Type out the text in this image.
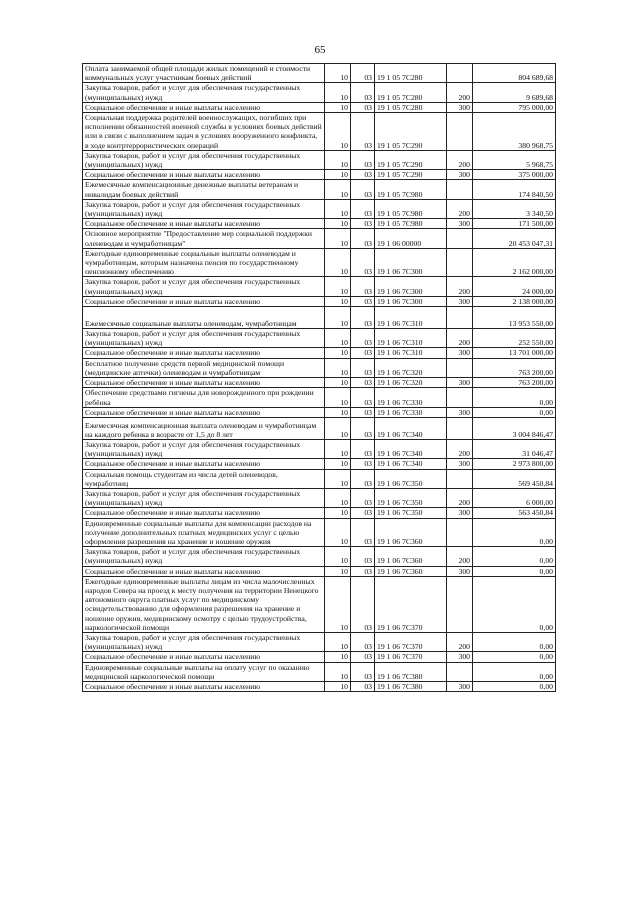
65
Оплата занимаемой общей площади жилых помещений и стоимости коммунальных услуг участникам боевых действий	10	03	19 1 05 7С280		804 689,68
Закупка товаров, работ и услуг для обеспечения государственных (муниципальных) нужд	10	03	19 1 05 7С280	200	9 689,68
Социальное обеспечение и иные выплаты населению	10	03	19 1 05 7С280	300	795 000,00
Социальная поддержка родителей военнослужащих, погибших при исполнении обязанностей военной службы в условиях боевых действий или в связи с выполнением задач в условиях вооруженного конфликта, в ходе контртеррористических операций	10	03	19 1 05 7С290		380 968,75
Закупка товаров, работ и услуг для обеспечения государственных (муниципальных) нужд	10	03	19 1 05 7С290	200	5 968,75
Социальное обеспечение и иные выплаты населению	10	03	19 1 05 7С290	300	375 000,00
Ежемесячные компенсационные денежные выплаты ветеранам и инвалидам боевых действий	10	03	19 1 05 7С980		174 840,50
Закупка товаров, работ и услуг для обеспечения государственных (муниципальных) нужд	10	03	19 1 05 7С980	200	3 340,50
Социальное обеспечение и иные выплаты населению	10	03	19 1 05 7С980	300	171 500,00
Основное мероприятие "Предоставление мер социальной поддержки оленеводам и чумработницам"	10	03	19 1 06 00000		20 453 047,31
Ежегодные единовременные социальные выплаты оленеводам и чумработницам, которым назначена пенсия по государственному пенсионному обеспечению	10	03	19 1 06 7С300		2 162 000,00
Закупка товаров, работ и услуг для обеспечения государственных (муниципальных) нужд	10	03	19 1 06 7С300	200	24 000,00
Социальное обеспечение и иные выплаты населению	10	03	19 1 06 7С300	300	2 138 000,00
Ежемесячные социальные выплаты оленеводам, чумработницам	10	03	19 1 06 7С310		13 953 550,00
Закупка товаров, работ и услуг для обеспечения государственных (муниципальных) нужд	10	03	19 1 06 7С310	200	252 550,00
Социальное обеспечение и иные выплаты населению	10	03	19 1 06 7С310	300	13 701 000,00
Бесплатное получение средств первой медицинской помощи (медицинские аптечки) оленеводам и чумработницам	10	03	19 1 06 7С320		763 200,00
Социальное обеспечение и иные выплаты населению	10	03	19 1 06 7С320	300	763 200,00
Обеспечение средствами гигиены для новорожденного при рождении ребёнка	10	03	19 1 06 7С330		0,00
Социальное обеспечение и иные выплаты населению	10	03	19 1 06 7С330	300	0,00
Ежемесячная компенсационная выплата оленеводам и чумработницам на каждого ребенка в возрасте от 1,5 до 8 лет	10	03	19 1 06 7С340		3 004 846,47
Закупка товаров, работ и услуг для обеспечения государственных (муниципальных) нужд	10	03	19 1 06 7С340	200	31 046,47
Социальное обеспечение и иные выплаты населению	10	03	19 1 06 7С340	300	2 973 800,00
Социальная помощь студентам из числа детей оленеводов, чумработниц	10	03	19 1 06 7С350		569 450,84
Закупка товаров, работ и услуг для обеспечения государственных (муниципальных) нужд	10	03	19 1 06 7С350	200	6 000,00
Социальное обеспечение и иные выплаты населению	10	03	19 1 06 7С350	300	563 450,84
Единовременные социальные выплаты для компенсации расходов на получение дополнительных платных медицинских услуг с целью оформления разрешения на хранение и ношение оружия	10	03	19 1 06 7С360		0,00
Закупка товаров, работ и услуг для обеспечения государственных (муниципальных) нужд	10	03	19 1 06 7С360	200	0,00
Социальное обеспечение и иные выплаты населению	10	03	19 1 06 7С360	300	0,00
Ежегодные единовременные выплаты лицам из числа малочисленных народов Севера на проезд к месту получения на территории Ненецкого автономного округа платных услуг по медицинскому освидетельствованию для оформления разрешения на хранение и ношение оружия, медицинскому осмотру с целью трудоустройства, наркологической помощи	10	03	19 1 06 7С370		0,00
Закупка товаров, работ и услуг для обеспечения государственных (муниципальных) нужд	10	03	19 1 06 7С370	200	0,00
Социальное обеспечение и иные выплаты населению	10	03	19 1 06 7С370	300	0,00
Единовременные социальные выплаты на оплату услуг по оказанию медицинской наркологической помощи	10	03	19 1 06 7С380		0,00
Социальное обеспечение и иные выплаты населению	10	03	19 1 06 7С380	300	0,00
